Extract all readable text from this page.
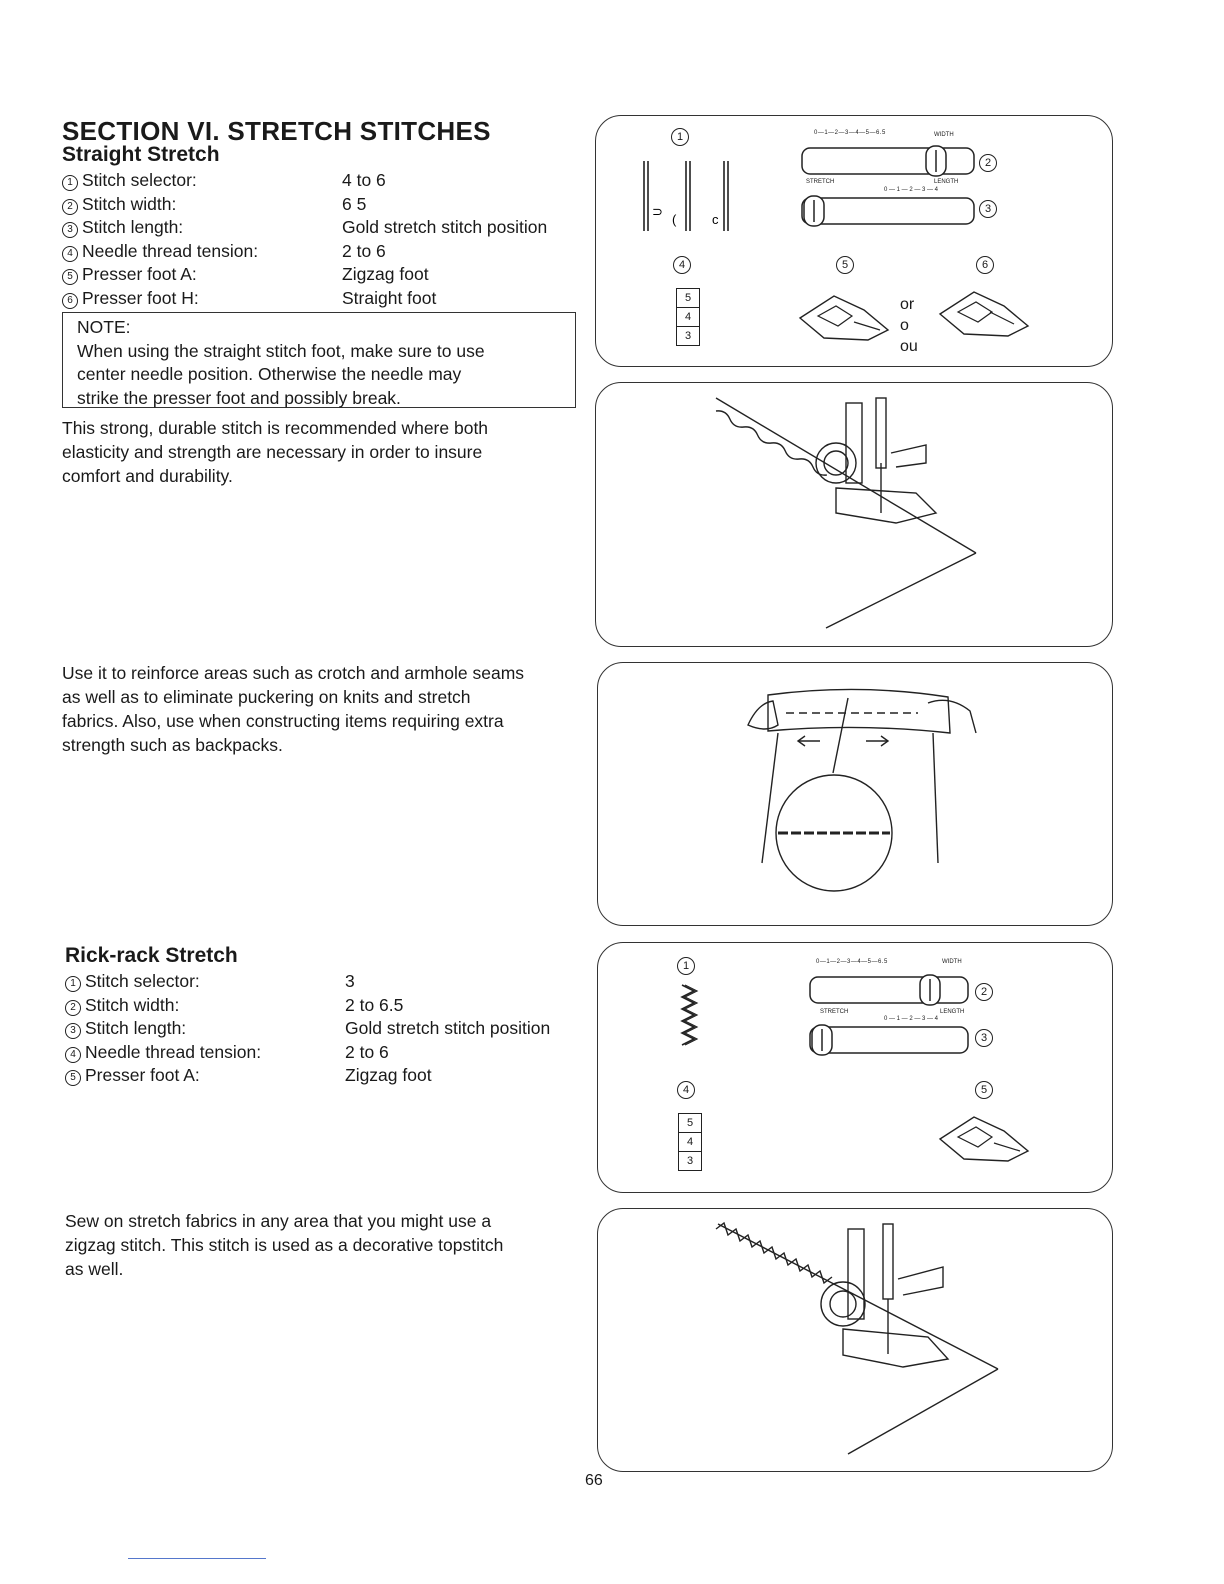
SECTION VI. STRETCH STITCHES
Straight Stretch
1 Stitch selector:	4 to 6
2 Stitch width:	6 5
3 Stitch length:	Gold stretch stitch position
4 Needle thread tension:	2 to 6
5 Presser foot A:	Zigzag foot
6 Presser foot H:	Straight foot
NOTE:
When using the straight stitch foot, make sure to use
center needle position. Otherwise the needle may
strike the presser foot and possibly break.
This strong, durable stitch is recommended where both
elasticity and strength are necessary in order to insure
comfort and durability.
Use it to reinforce areas such as crotch and armhole seams
as well as to eliminate puckering on knits and stretch
fabrics. Also, use when constructing items requiring extra
strength such as backpacks.
Rick-rack Stretch
1 Stitch selector:	3
2 Stitch width:	2 to 6.5
3 Stitch length:	Gold stretch stitch position
4 Needle thread tension:	2 to 6
5 Presser foot A:	Zigzag foot
Sew on stretch fabrics in any area that you might use a
zigzag stitch. This stitch is used as a decorative topstitch
as well.
1
⊃
(	c
0—1—2—3—4—5—6.5	WIDTH
2
STRETCH	LENGTH
0 — 1 — 2 — 3 — 4
3
4	5	6
5
4
3
or
o
ou
1	0—1—2—3—4—5—6.5	WIDTH
2
STRETCH	LENGTH
0 — 1 — 2 — 3 — 4
3
4	5
5
4
3
66
